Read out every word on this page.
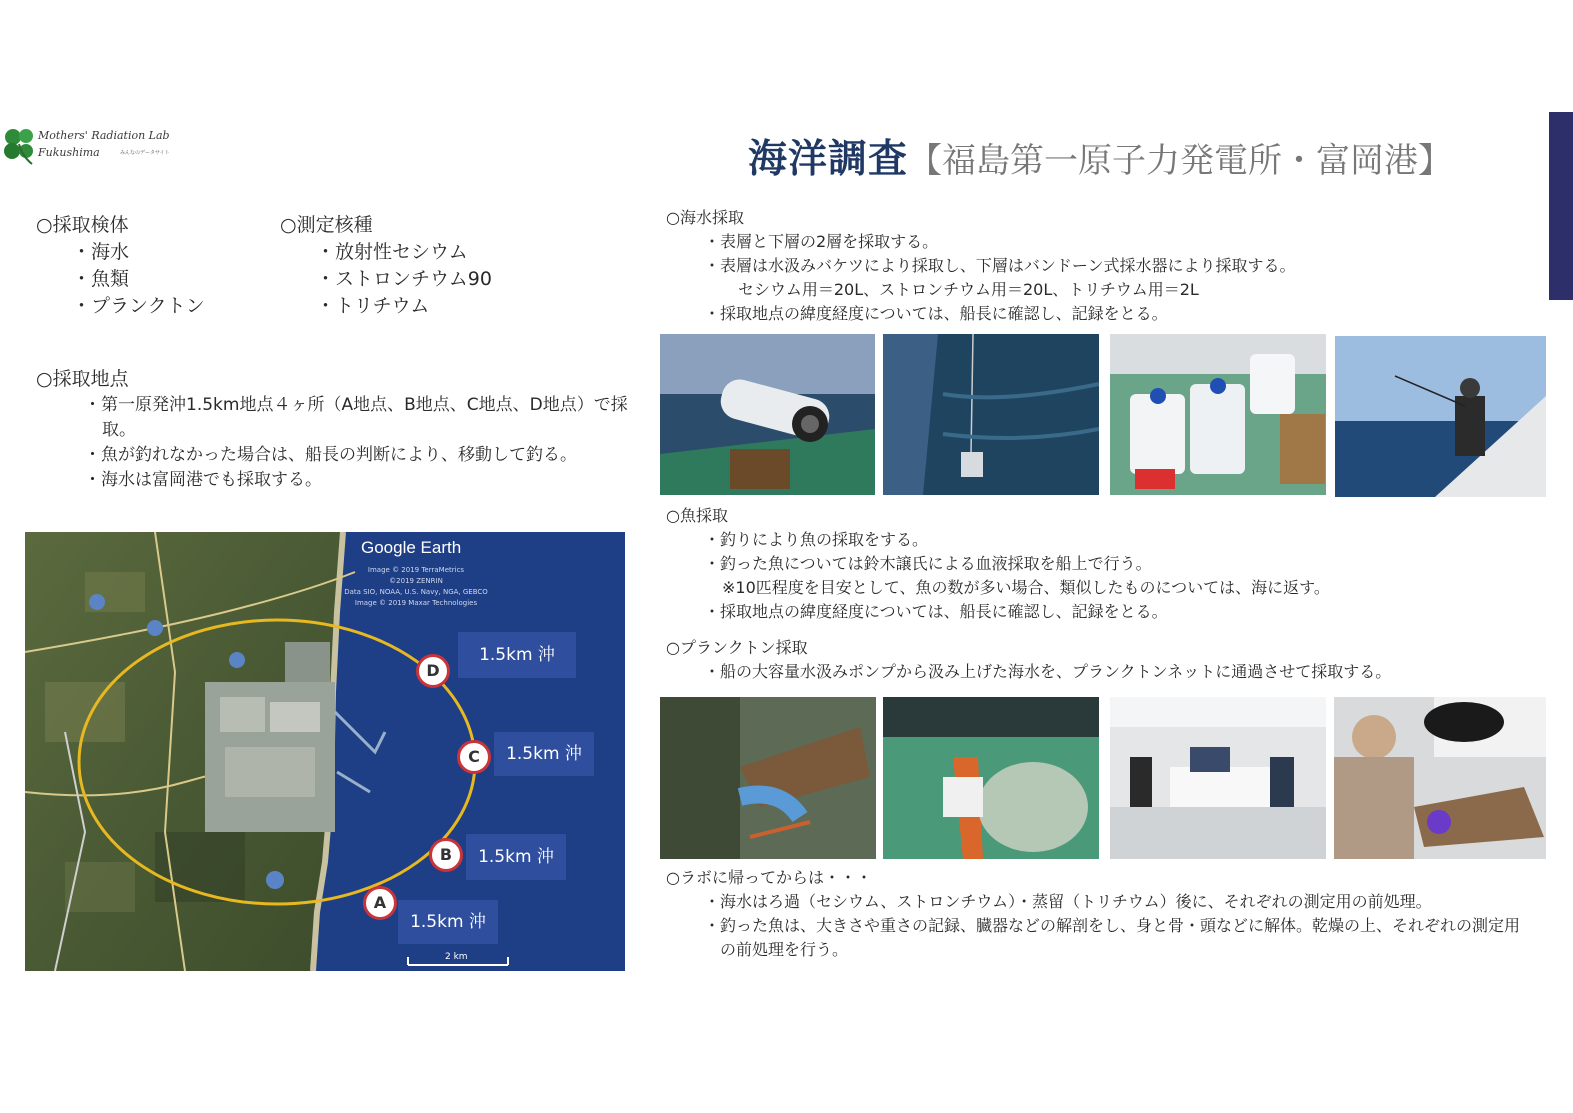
Mothers' Radiation Lab
Fukushima	みんなのデータサイト	海洋調査【福島第一原子力発電所・富岡港】
○採取検体
・海水
・魚類
・プランクトン
○測定核種
・放射性セシウム
・ストロンチウム90
・トリチウム
○採取地点
・第一原発沖1.5km地点４ヶ所（A地点、B地点、C地点、D地点）で採取。
・魚が釣れなかった場合は、船長の判断により、移動して釣る。
・海水は富岡港でも採取する。
Google Earth
Image © 2019 TerraMetrics
©2019 ZENRIN
Data SIO, NOAA, U.S. Navy, NGA, GEBCO
Image © 2019 Maxar Technologies
D
1.5km 沖
C	1.5km 沖
B	1.5km 沖
A
1.5km 沖
2 km
○海水採取
・表層と下層の2層を採取する。
・表層は水汲みバケツにより採取し、下層はバンドーン式採水器により採取する。
セシウム用＝20L、ストロンチウム用＝20L、トリチウム用＝2L
・採取地点の緯度経度については、船長に確認し、記録をとる。
○魚採取
・釣りにより魚の採取をする。
・釣った魚については鈴木譲氏による血液採取を船上で行う。
※10匹程度を目安として、魚の数が多い場合、類似したものについては、海に返す。
・採取地点の緯度経度については、船長に確認し、記録をとる。
○プランクトン採取
・船の大容量水汲みポンプから汲み上げた海水を、プランクトンネットに通過させて採取する。
○ラボに帰ってからは・・・
・海水はろ過（セシウム、ストロンチウム）・蒸留（トリチウム）後に、それぞれの測定用の前処理。
・釣った魚は、大きさや重さの記録、臓器などの解剖をし、身と骨・頭などに解体。乾燥の上、それぞれの測定用の前処理を行う。
